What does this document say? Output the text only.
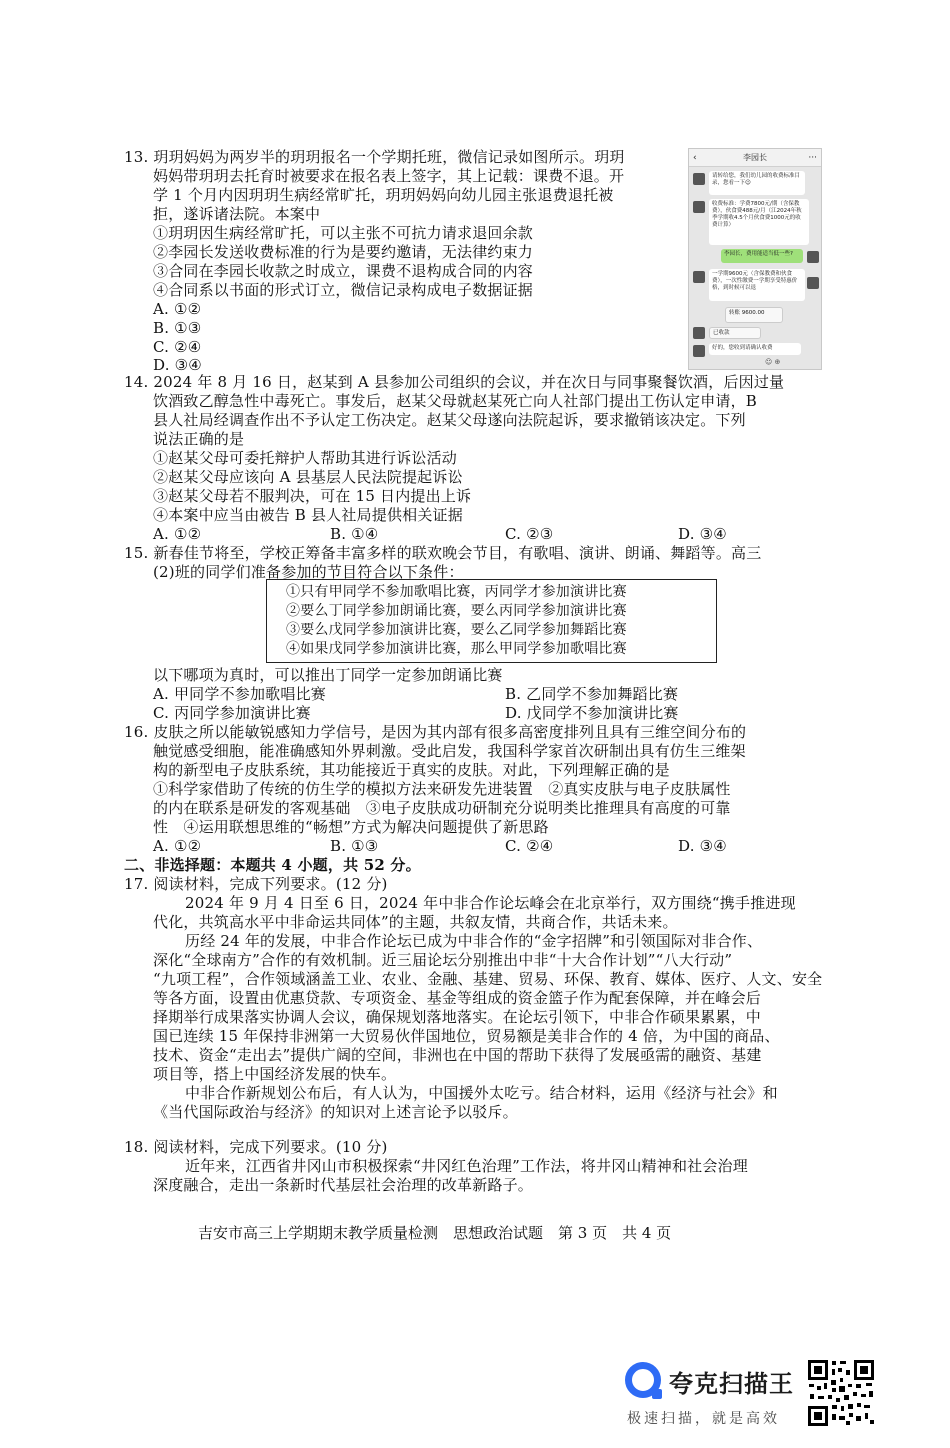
13. 玥玥妈妈为两岁半的玥玥报名一个学期托班，微信记录如图所示。玥玥
妈妈带玥玥去托育时被要求在报名表上签字，其上记载：课费不退。开
学 1 个月内因玥玥生病经常旷托，玥玥妈妈向幼儿园主张退费退托被
拒，遂诉诸法院。本案中
①玥玥因生病经常旷托，可以主张不可抗力请求退回余款
②李园长发送收费标准的行为是要约邀请，无法律约束力
③合同在李园长收款之时成立，课费不退构成合同的内容
④合同系以书面的形式订立，微信记录构成电子数据证据
A. ①②
B. ①③
C. ②④
D. ③④
‹	李园长	···
请转给您，我们幼儿园的收费标准目录，您看一下☺
收费标准：学费7800元/期（含保教费），伙食费488元/月（江2024年秋季学期收4.5个月伙食费1000元的收费计算）
李园长，费用能适当低一些?
一学期9600元（含保教费和伙食费），一次性缴费一学期享受特惠价格，到时候可以退
转账 9600.00
已收款
好的，您收到请确认收费
☺ ⊕
14. 2024 年 8 月 16 日，赵某到 A 县参加公司组织的会议，并在次日与同事聚餐饮酒，后因过量
饮酒致乙醇急性中毒死亡。事发后，赵某父母就赵某死亡向人社部门提出工伤认定申请，B
县人社局经调查作出不予认定工伤决定。赵某父母遂向法院起诉，要求撤销该决定。下列
说法正确的是
①赵某父母可委托辩护人帮助其进行诉讼活动
②赵某父母应该向 A 县基层人民法院提起诉讼
③赵某父母若不服判决，可在 15 日内提出上诉
④本案中应当由被告 B 县人社局提供相关证据
A. ①②	B. ①④	C. ②③	D. ③④
15. 新春佳节将至，学校正筹备丰富多样的联欢晚会节目，有歌唱、演讲、朗诵、舞蹈等。高三
(2)班的同学们准备参加的节目符合以下条件：
①只有甲同学不参加歌唱比赛，丙同学才参加演讲比赛
②要么丁同学参加朗诵比赛，要么丙同学参加演讲比赛
③要么戊同学参加演讲比赛，要么乙同学参加舞蹈比赛
④如果戊同学参加演讲比赛，那么甲同学参加歌唱比赛
以下哪项为真时，可以推出丁同学一定参加朗诵比赛
A. 甲同学不参加歌唱比赛	B. 乙同学不参加舞蹈比赛
C. 丙同学参加演讲比赛	D. 戊同学不参加演讲比赛
16. 皮肤之所以能敏锐感知力学信号，是因为其内部有很多高密度排列且具有三维空间分布的
触觉感受细胞，能准确感知外界刺激。受此启发，我国科学家首次研制出具有仿生三维架
构的新型电子皮肤系统，其功能接近于真实的皮肤。对此，下列理解正确的是
①科学家借助了传统的仿生学的模拟方法来研发先进装置　②真实皮肤与电子皮肤属性
的内在联系是研发的客观基础　③电子皮肤成功研制充分说明类比推理具有高度的可靠
性　④运用联想思维的“畅想”方式为解决问题提供了新思路
A. ①②	B. ①③	C. ②④	D. ③④
二、非选择题：本题共 4 小题，共 52 分。
17. 阅读材料，完成下列要求。(12 分)
2024 年 9 月 4 日至 6 日，2024 年中非合作论坛峰会在北京举行，双方围绕“携手推进现
代化，共筑高水平中非命运共同体”的主题，共叙友情，共商合作，共话未来。
历经 24 年的发展，中非合作论坛已成为中非合作的“金字招牌”和引领国际对非合作、
深化“全球南方”合作的有效机制。近三届论坛分别推出中非“十大合作计划”“八大行动”
“九项工程”，合作领域涵盖工业、农业、金融、基建、贸易、环保、教育、媒体、医疗、人文、安全
等各方面，设置由优惠贷款、专项资金、基金等组成的资金篮子作为配套保障，并在峰会后
择期举行成果落实协调人会议，确保规划落地落实。在论坛引领下，中非合作硕果累累，中
国已连续 15 年保持非洲第一大贸易伙伴国地位，贸易额是美非合作的 4 倍，为中国的商品、
技术、资金“走出去”提供广阔的空间，非洲也在中国的帮助下获得了发展亟需的融资、基建
项目等，搭上中国经济发展的快车。
中非合作新规划公布后，有人认为，中国援外太吃亏。结合材料，运用《经济与社会》和
《当代国际政治与经济》的知识对上述言论予以驳斥。
18. 阅读材料，完成下列要求。(10 分)
近年来，江西省井冈山市积极探索“井冈红色治理”工作法，将井冈山精神和社会治理
深度融合，走出一条新时代基层社会治理的改革新路子。
吉安市高三上学期期末教学质量检测　思想政治试题　第 3 页　共 4 页
夸克扫描王
极速扫描，就是高效
